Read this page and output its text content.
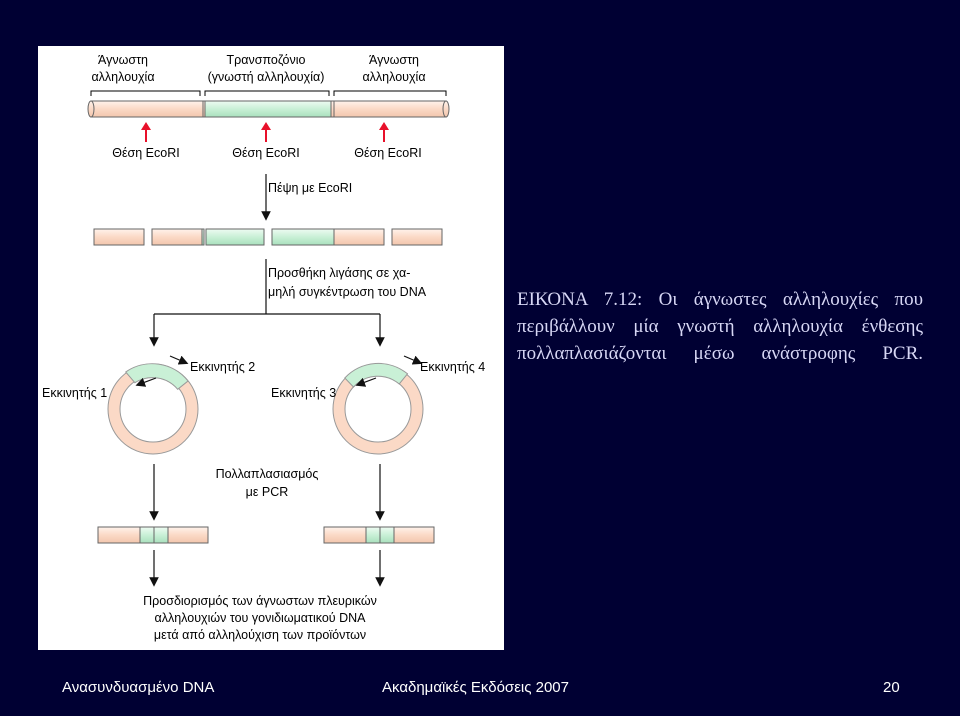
Άγνωστη
αλληλουχία
Τρανσποζόνιο
(γνωστή αλληλουχία)
Άγνωστη
αλληλουχία
Θέση EcoRI	Θέση EcoRI	Θέση EcoRI
Πέψη με EcoRI
Προσθήκη λιγάσης σε χα-
μηλή συγκέντρωση του DNA
Εκκινητής 2
Εκκινητής 1	Εκκινητής 3
Εκκινητής 4
Πολλαπλασιασμός
με PCR
Προσδιορισμός των άγνωστων πλευρικών
αλληλουχιών του γονιδιωματικού DNA
μετά από αλληλούχιση των προϊόντων
ΕΙΚΟΝΑ 7.12: Οι άγνωστες αλληλουχίες που περιβάλλουν μία γνωστή αλληλουχία ένθεσης πολλαπλασιάζονται μέσω ανάστροφης PCR.
Ανασυνδυασμένο DNA	Ακαδημαϊκές Εκδόσεις 2007	20
